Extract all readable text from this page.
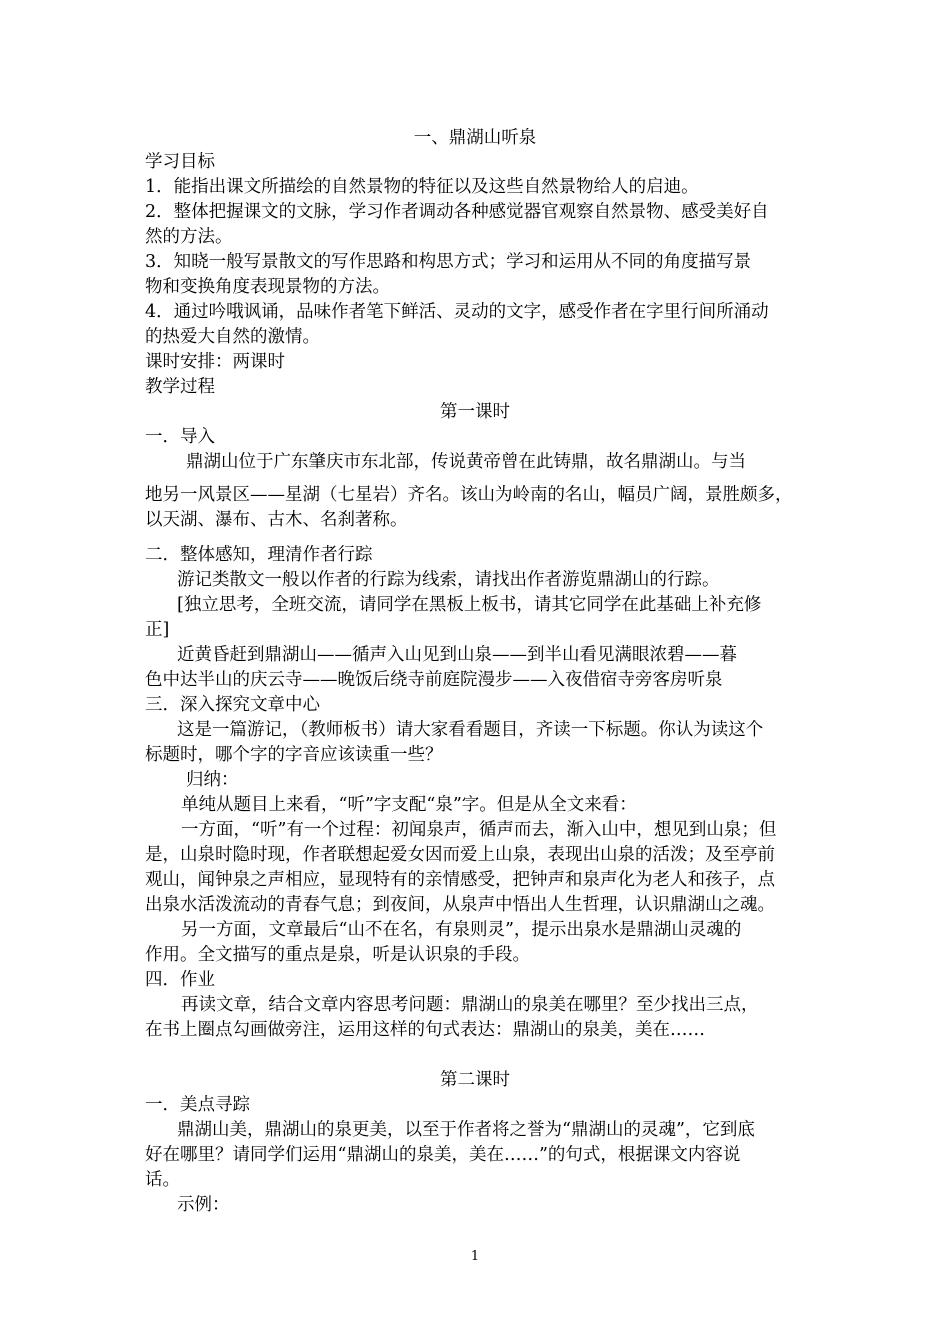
一、鼎湖山听泉
学习目标
1．能指出课文所描绘的自然景物的特征以及这些自然景物给人的启迪。
2．整体把握课文的文脉，学习作者调动各种感觉器官观察自然景物、感受美好自
然的方法。
3．知晓一般写景散文的写作思路和构思方式；学习和运用从不同的角度描写景
物和变换角度表现景物的方法。
4．通过吟哦讽诵，品味作者笔下鲜活、灵动的文字，感受作者在字里行间所涌动
的热爱大自然的激情。
课时安排：两课时
教学过程
第一课时
一．导入
鼎湖山位于广东肇庆市东北部，传说黄帝曾在此铸鼎，故名鼎湖山。与当
地另一风景区——星湖（七星岩）齐名。该山为岭南的名山，幅员广阔，景胜颇多，
以天湖、瀑布、古木、名刹著称。
二．整体感知，理清作者行踪
游记类散文一般以作者的行踪为线索，请找出作者游览鼎湖山的行踪。
[独立思考，全班交流，请同学在黑板上板书，请其它同学在此基础上补充修
正]
近黄昏赶到鼎湖山——循声入山见到山泉——到半山看见满眼浓碧——暮
色中达半山的庆云寺——晚饭后绕寺前庭院漫步——入夜借宿寺旁客房听泉
三．深入探究文章中心
这是一篇游记，（教师板书）请大家看看题目，齐读一下标题。你认为读这个
标题时，哪个字的字音应该读重一些？
归纳：
单纯从题目上来看，“听”字支配“泉”字。但是从全文来看：
一方面，“听”有一个过程：初闻泉声，循声而去，渐入山中，想见到山泉；但
是，山泉时隐时现，作者联想起爱女因而爱上山泉，表现出山泉的活泼；及至亭前
观山，闻钟泉之声相应，显现特有的亲情感受，把钟声和泉声化为老人和孩子，点
出泉水活泼流动的青春气息；到夜间，从泉声中悟出人生哲理，认识鼎湖山之魂。
另一方面，文章最后“山不在名，有泉则灵”，提示出泉水是鼎湖山灵魂的
作用。全文描写的重点是泉，听是认识泉的手段。
四．作业
再读文章，结合文章内容思考问题：鼎湖山的泉美在哪里？至少找出三点，
在书上圈点勾画做旁注，运用这样的句式表达：鼎湖山的泉美，美在……
第二课时
一．美点寻踪
鼎湖山美，鼎湖山的泉更美，以至于作者将之誉为“鼎湖山的灵魂”，它到底
好在哪里？请同学们运用“鼎湖山的泉美，美在……”的句式，根据课文内容说
话。
示例：
1
